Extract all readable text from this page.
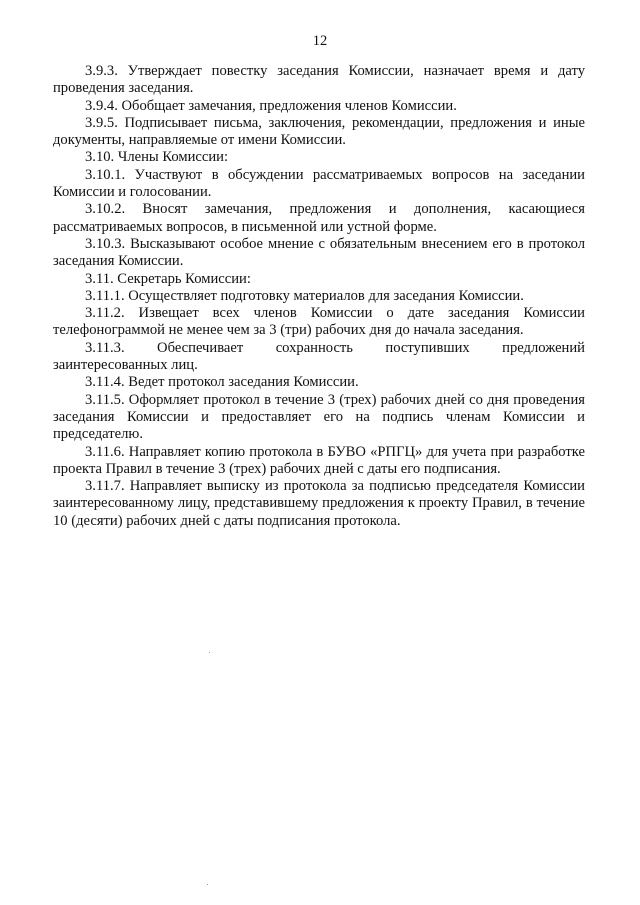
12

3.9.3. Утверждает повестку заседания Комиссии, назначает время и дату проведения заседания.

3.9.4. Обобщает замечания, предложения членов Комиссии.

3.9.5. Подписывает письма, заключения, рекомендации, предложения и иные документы, направляемые от имени Комиссии.

3.10. Члены Комиссии:

3.10.1. Участвуют в обсуждении рассматриваемых вопросов на заседании Комиссии и голосовании.

3.10.2. Вносят замечания, предложения и дополнения, касающиеся рассматриваемых вопросов, в письменной или устной форме.

3.10.3. Высказывают особое мнение с обязательным внесением его в протокол заседания Комиссии.

3.11. Секретарь Комиссии:

3.11.1. Осуществляет подготовку материалов для заседания Комиссии.

3.11.2. Извещает всех членов Комиссии о дате заседания Комиссии телефонограммой не менее чем за 3 (три) рабочих дня до начала заседания.

3.11.3. Обеспечивает сохранность поступивших предложений заинтересованных лиц.

3.11.4. Ведет протокол заседания Комиссии.

3.11.5. Оформляет протокол в течение 3 (трех) рабочих дней со дня проведения заседания Комиссии и предоставляет его на подпись членам Комиссии и председателю.

3.11.6. Направляет копию протокола в БУВО «РПГЦ» для учета при разработке проекта Правил в течение 3 (трех) рабочих дней с даты его подписания.

3.11.7. Направляет выписку из протокола за подписью председателя Комиссии заинтересованному лицу, представившему предложения к проекту Правил, в течение 10 (десяти) рабочих дней с даты подписания протокола.
